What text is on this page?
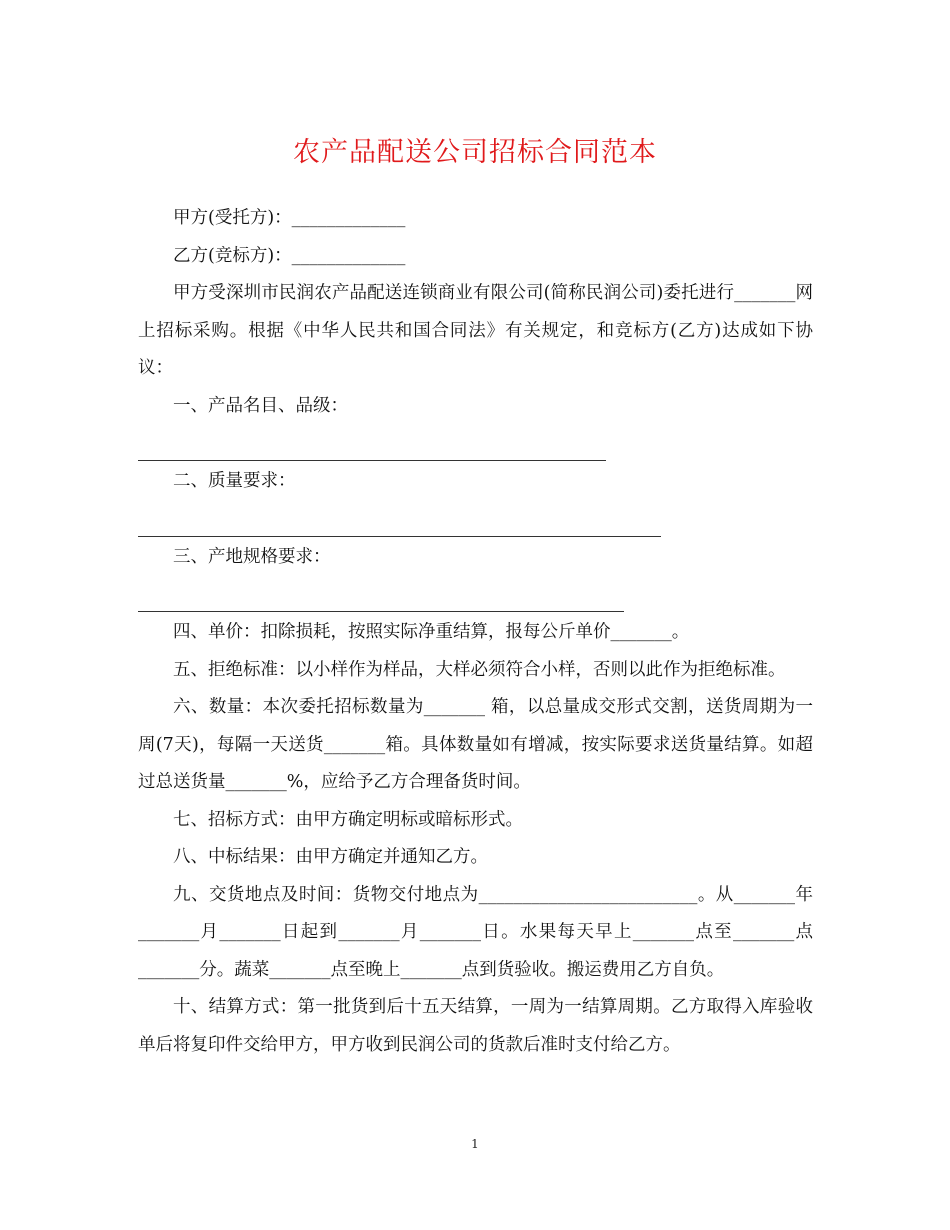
农产品配送公司招标合同范本

甲方(受托方)：_____________

乙方(竞标方)：_____________

甲方受深圳市民润农产品配送连锁商业有限公司(简称民润公司)委托进行_______网上招标采购。根据《中华人民共和国合同法》有关规定，和竞标方(乙方)达成如下协议：

一、产品名目、品级：

二、质量要求：

三、产地规格要求：

四、单价：扣除损耗，按照实际净重结算，报每公斤单价_______。

五、拒绝标准：以小样作为样品，大样必须符合小样，否则以此作为拒绝标准。

六、数量：本次委托招标数量为_______ 箱，以总量成交形式交割，送货周期为一周(7天)，每隔一天送货_______箱。具体数量如有增减，按实际要求送货量结算。如超过总送货量_______%，应给予乙方合理备货时间。

七、招标方式：由甲方确定明标或暗标形式。

八、中标结果：由甲方确定并通知乙方。

九、交货地点及时间：货物交付地点为_________________________。从_______年_______月_______日起到_______月_______日。水果每天早上_______点至_______点_______分。蔬菜_______点至晚上_______点到货验收。搬运费用乙方自负。

十、结算方式：第一批货到后十五天结算，一周为一结算周期。乙方取得入库验收单后将复印件交给甲方，甲方收到民润公司的货款后准时支付给乙方。

1
